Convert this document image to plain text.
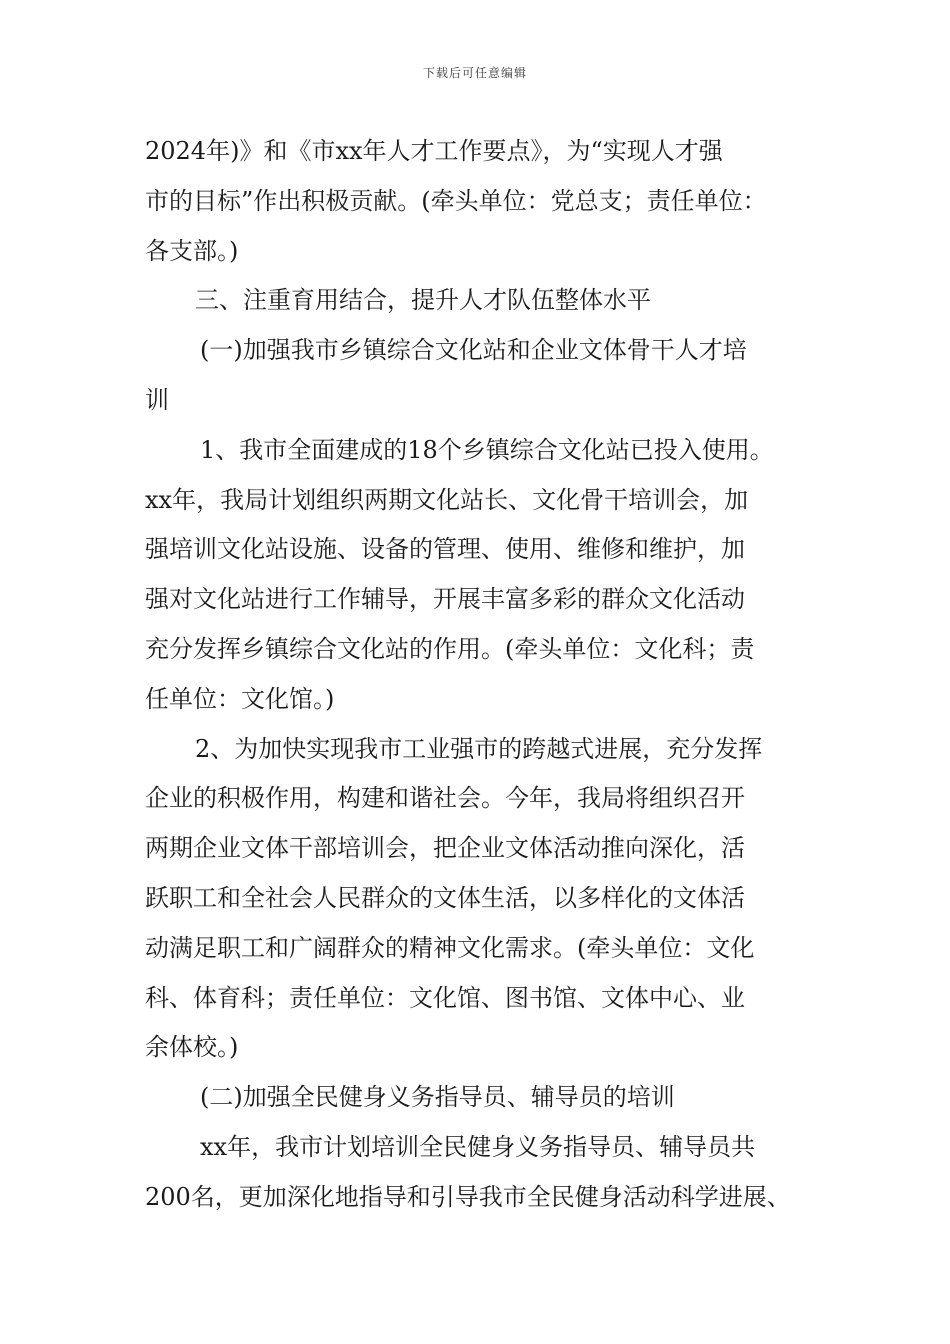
下载后可任意编辑
2024年)》和《市xx年人才工作要点》，为“实现人才强
市的目标”作出积极贡献。(牵头单位：党总支；责任单位：
各支部。)
三、注重育用结合，提升人才队伍整体水平
(一)加强我市乡镇综合文化站和企业文体骨干人才培
训
1、我市全面建成的18个乡镇综合文化站已投入使用。
xx年，我局计划组织两期文化站长、文化骨干培训会，加
强培训文化站设施、设备的管理、使用、维修和维护，加
强对文化站进行工作辅导，开展丰富多彩的群众文化活动
充分发挥乡镇综合文化站的作用。(牵头单位：文化科；责
任单位：文化馆。)
2、为加快实现我市工业强市的跨越式进展，充分发挥
企业的积极作用，构建和谐社会。今年，我局将组织召开
两期企业文体干部培训会，把企业文体活动推向深化，活
跃职工和全社会人民群众的文体生活，以多样化的文体活
动满足职工和广阔群众的精神文化需求。(牵头单位：文化
科、体育科；责任单位：文化馆、图书馆、文体中心、业
余体校。)
(二)加强全民健身义务指导员、辅导员的培训
xx年，我市计划培训全民健身义务指导员、辅导员共
200名，更加深化地指导和引导我市全民健身活动科学进展、
